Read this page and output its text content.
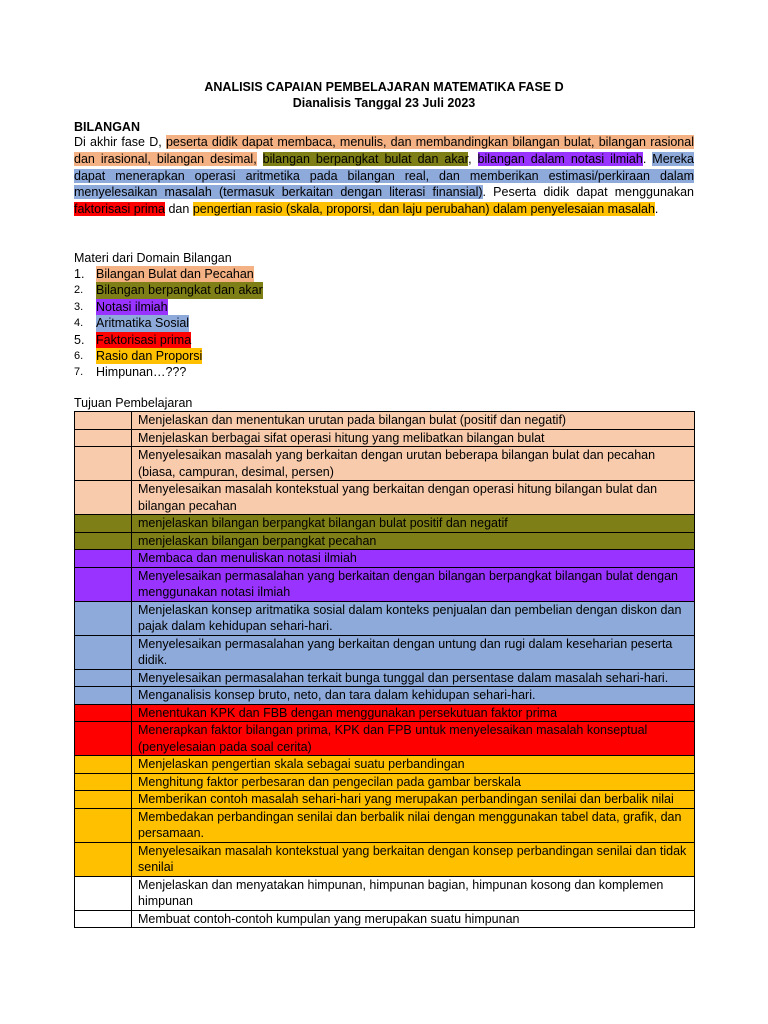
ANALISIS CAPAIAN PEMBELAJARAN MATEMATIKA FASE D
Dianalisis Tanggal 23 Juli 2023
BILANGAN
Di akhir fase D, peserta didik dapat membaca, menulis, dan membandingkan bilangan bulat, bilangan rasional dan irasional, bilangan desimal, bilangan berpangkat bulat dan akar, bilangan dalam notasi ilmiah. Mereka dapat menerapkan operasi aritmetika pada bilangan real, dan memberikan estimasi/perkiraan dalam menyelesaikan masalah (termasuk berkaitan dengan literasi finansial). Peserta didik dapat menggunakan faktorisasi prima dan pengertian rasio (skala, proporsi, dan laju perubahan) dalam penyelesaian masalah.
Materi dari Domain Bilangan
1. Bilangan Bulat dan Pecahan
2.	Bilangan berpangkat dan akar
3.	Notasi ilmiah
4.	Aritmatika Sosial
5. Faktorisasi prima
6.	Rasio dan Proporsi
7.	Himpunan…???
Tujuan Pembelajaran
	Menjelaskan dan menentukan urutan pada bilangan bulat (positif dan negatif)
	Menjelaskan berbagai sifat operasi hitung yang melibatkan bilangan bulat
	Menyelesaikan masalah yang berkaitan dengan urutan beberapa bilangan bulat dan pecahan (biasa, campuran, desimal, persen)
	Menyelesaikan masalah kontekstual yang berkaitan dengan operasi hitung bilangan bulat dan bilangan pecahan
	menjelaskan bilangan berpangkat bilangan bulat positif dan negatif
	menjelaskan bilangan berpangkat pecahan
	Membaca dan menuliskan notasi ilmiah
	Menyelesaikan permasalahan yang berkaitan dengan bilangan berpangkat bilangan bulat dengan menggunakan notasi ilmiah
	Menjelaskan konsep aritmatika sosial dalam konteks penjualan dan pembelian dengan diskon dan pajak dalam kehidupan sehari-hari.
	Menyelesaikan permasalahan yang berkaitan dengan untung dan rugi dalam keseharian peserta didik.
	Menyelesaikan permasalahan terkait bunga tunggal dan persentase dalam masalah sehari-hari.
	Menganalisis konsep bruto, neto, dan tara dalam kehidupan sehari-hari.
	Menentukan KPK dan FBB dengan menggunakan persekutuan faktor prima
	Menerapkan faktor bilangan prima, KPK dan FPB untuk menyelesaikan masalah konseptual (penyelesaian pada soal cerita)
	Menjelaskan pengertian skala sebagai suatu perbandingan
	Menghitung faktor perbesaran dan pengecilan pada gambar berskala
	Memberikan contoh masalah sehari-hari yang merupakan perbandingan senilai dan berbalik nilai
	Membedakan perbandingan senilai dan berbalik nilai dengan menggunakan tabel data, grafik, dan persamaan.
	Menyelesaikan masalah kontekstual yang berkaitan dengan konsep perbandingan senilai dan tidak senilai
	Menjelaskan dan menyatakan himpunan, himpunan bagian, himpunan kosong dan komplemen himpunan
	Membuat contoh-contoh kumpulan yang merupakan suatu himpunan
